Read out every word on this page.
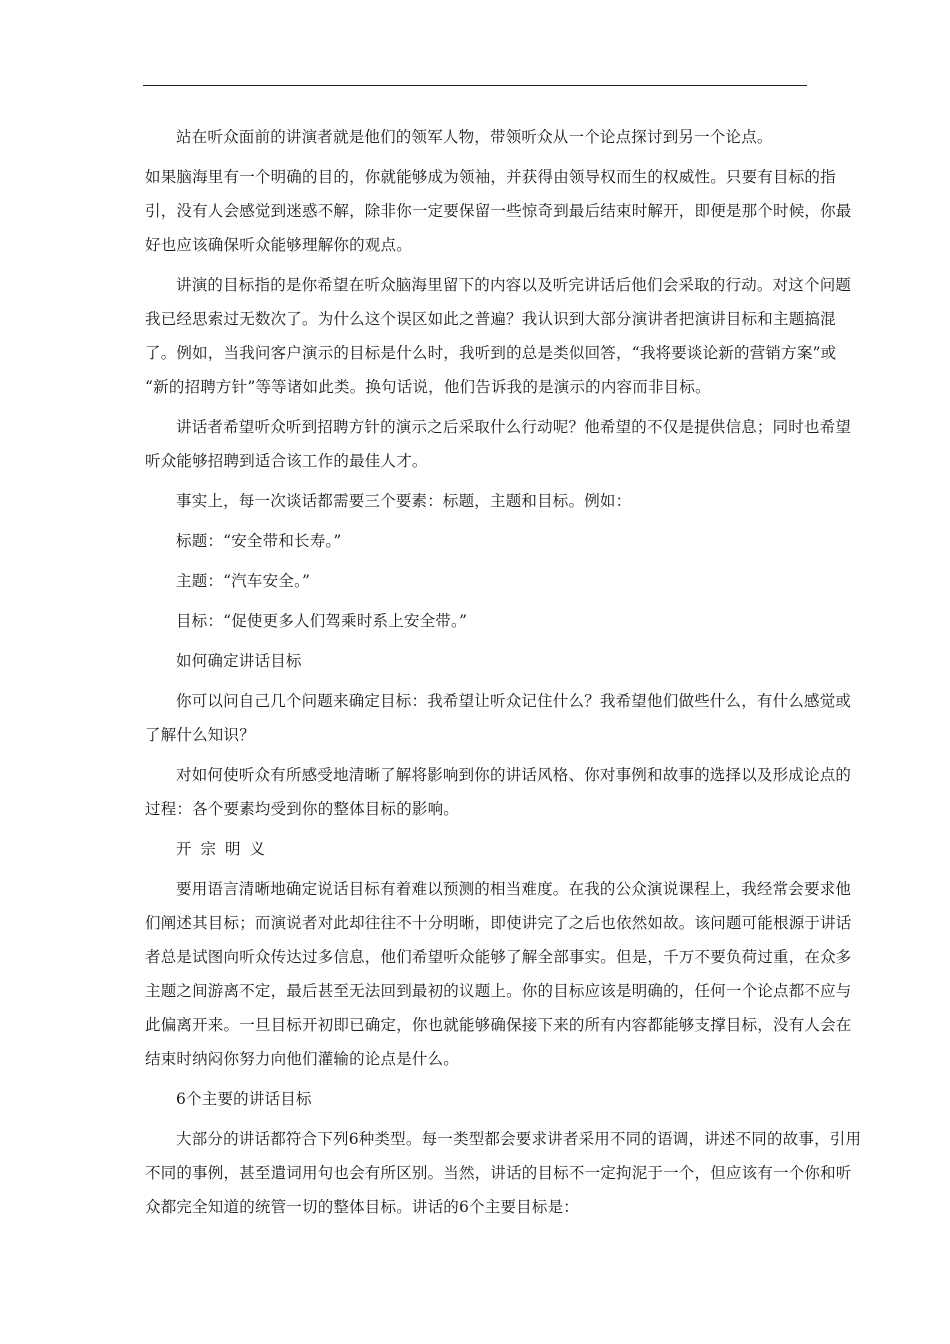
站在听众面前的讲演者就是他们的领军人物，带领听众从一个论点探讨到另一个论点。
如果脑海里有一个明确的目的，你就能够成为领袖，并获得由领导权而生的权威性。只要有目标的指
引，没有人会感觉到迷惑不解，除非你一定要保留一些惊奇到最后结束时解开，即便是那个时候，你最
好也应该确保听众能够理解你的观点。
讲演的目标指的是你希望在听众脑海里留下的内容以及听完讲话后他们会采取的行动。对这个问题
我已经思索过无数次了。为什么这个误区如此之普遍？我认识到大部分演讲者把演讲目标和主题搞混
了。例如，当我问客户演示的目标是什么时，我听到的总是类似回答，“我将要谈论新的营销方案”或
“新的招聘方针”等等诸如此类。换句话说，他们告诉我的是演示的内容而非目标。
讲话者希望听众听到招聘方针的演示之后采取什么行动呢？他希望的不仅是提供信息；同时也希望
听众能够招聘到适合该工作的最佳人才。
事实上，每一次谈话都需要三个要素：标题，主题和目标。例如：
标题：“安全带和长寿。”
主题：“汽车安全。”
目标：“促使更多人们驾乘时系上安全带。”
如何确定讲话目标
你可以问自己几个问题来确定目标：我希望让听众记住什么？我希望他们做些什么，有什么感觉或
了解什么知识？
对如何使听众有所感受地清晰了解将影响到你的讲话风格、你对事例和故事的选择以及形成论点的
过程：各个要素均受到你的整体目标的影响。
开宗明义
要用语言清晰地确定说话目标有着难以预测的相当难度。在我的公众演说课程上，我经常会要求他
们阐述其目标；而演说者对此却往往不十分明晰，即使讲完了之后也依然如故。该问题可能根源于讲话
者总是试图向听众传达过多信息，他们希望听众能够了解全部事实。但是，千万不要负荷过重，在众多
主题之间游离不定，最后甚至无法回到最初的议题上。你的目标应该是明确的，任何一个论点都不应与
此偏离开来。一旦目标开初即已确定，你也就能够确保接下来的所有内容都能够支撑目标，没有人会在
结束时纳闷你努力向他们灌输的论点是什么。
6个主要的讲话目标
大部分的讲话都符合下列6种类型。每一类型都会要求讲者采用不同的语调，讲述不同的故事，引用
不同的事例，甚至遣词用句也会有所区别。当然，讲话的目标不一定拘泥于一个，但应该有一个你和听
众都完全知道的统管一切的整体目标。讲话的6个主要目标是：
